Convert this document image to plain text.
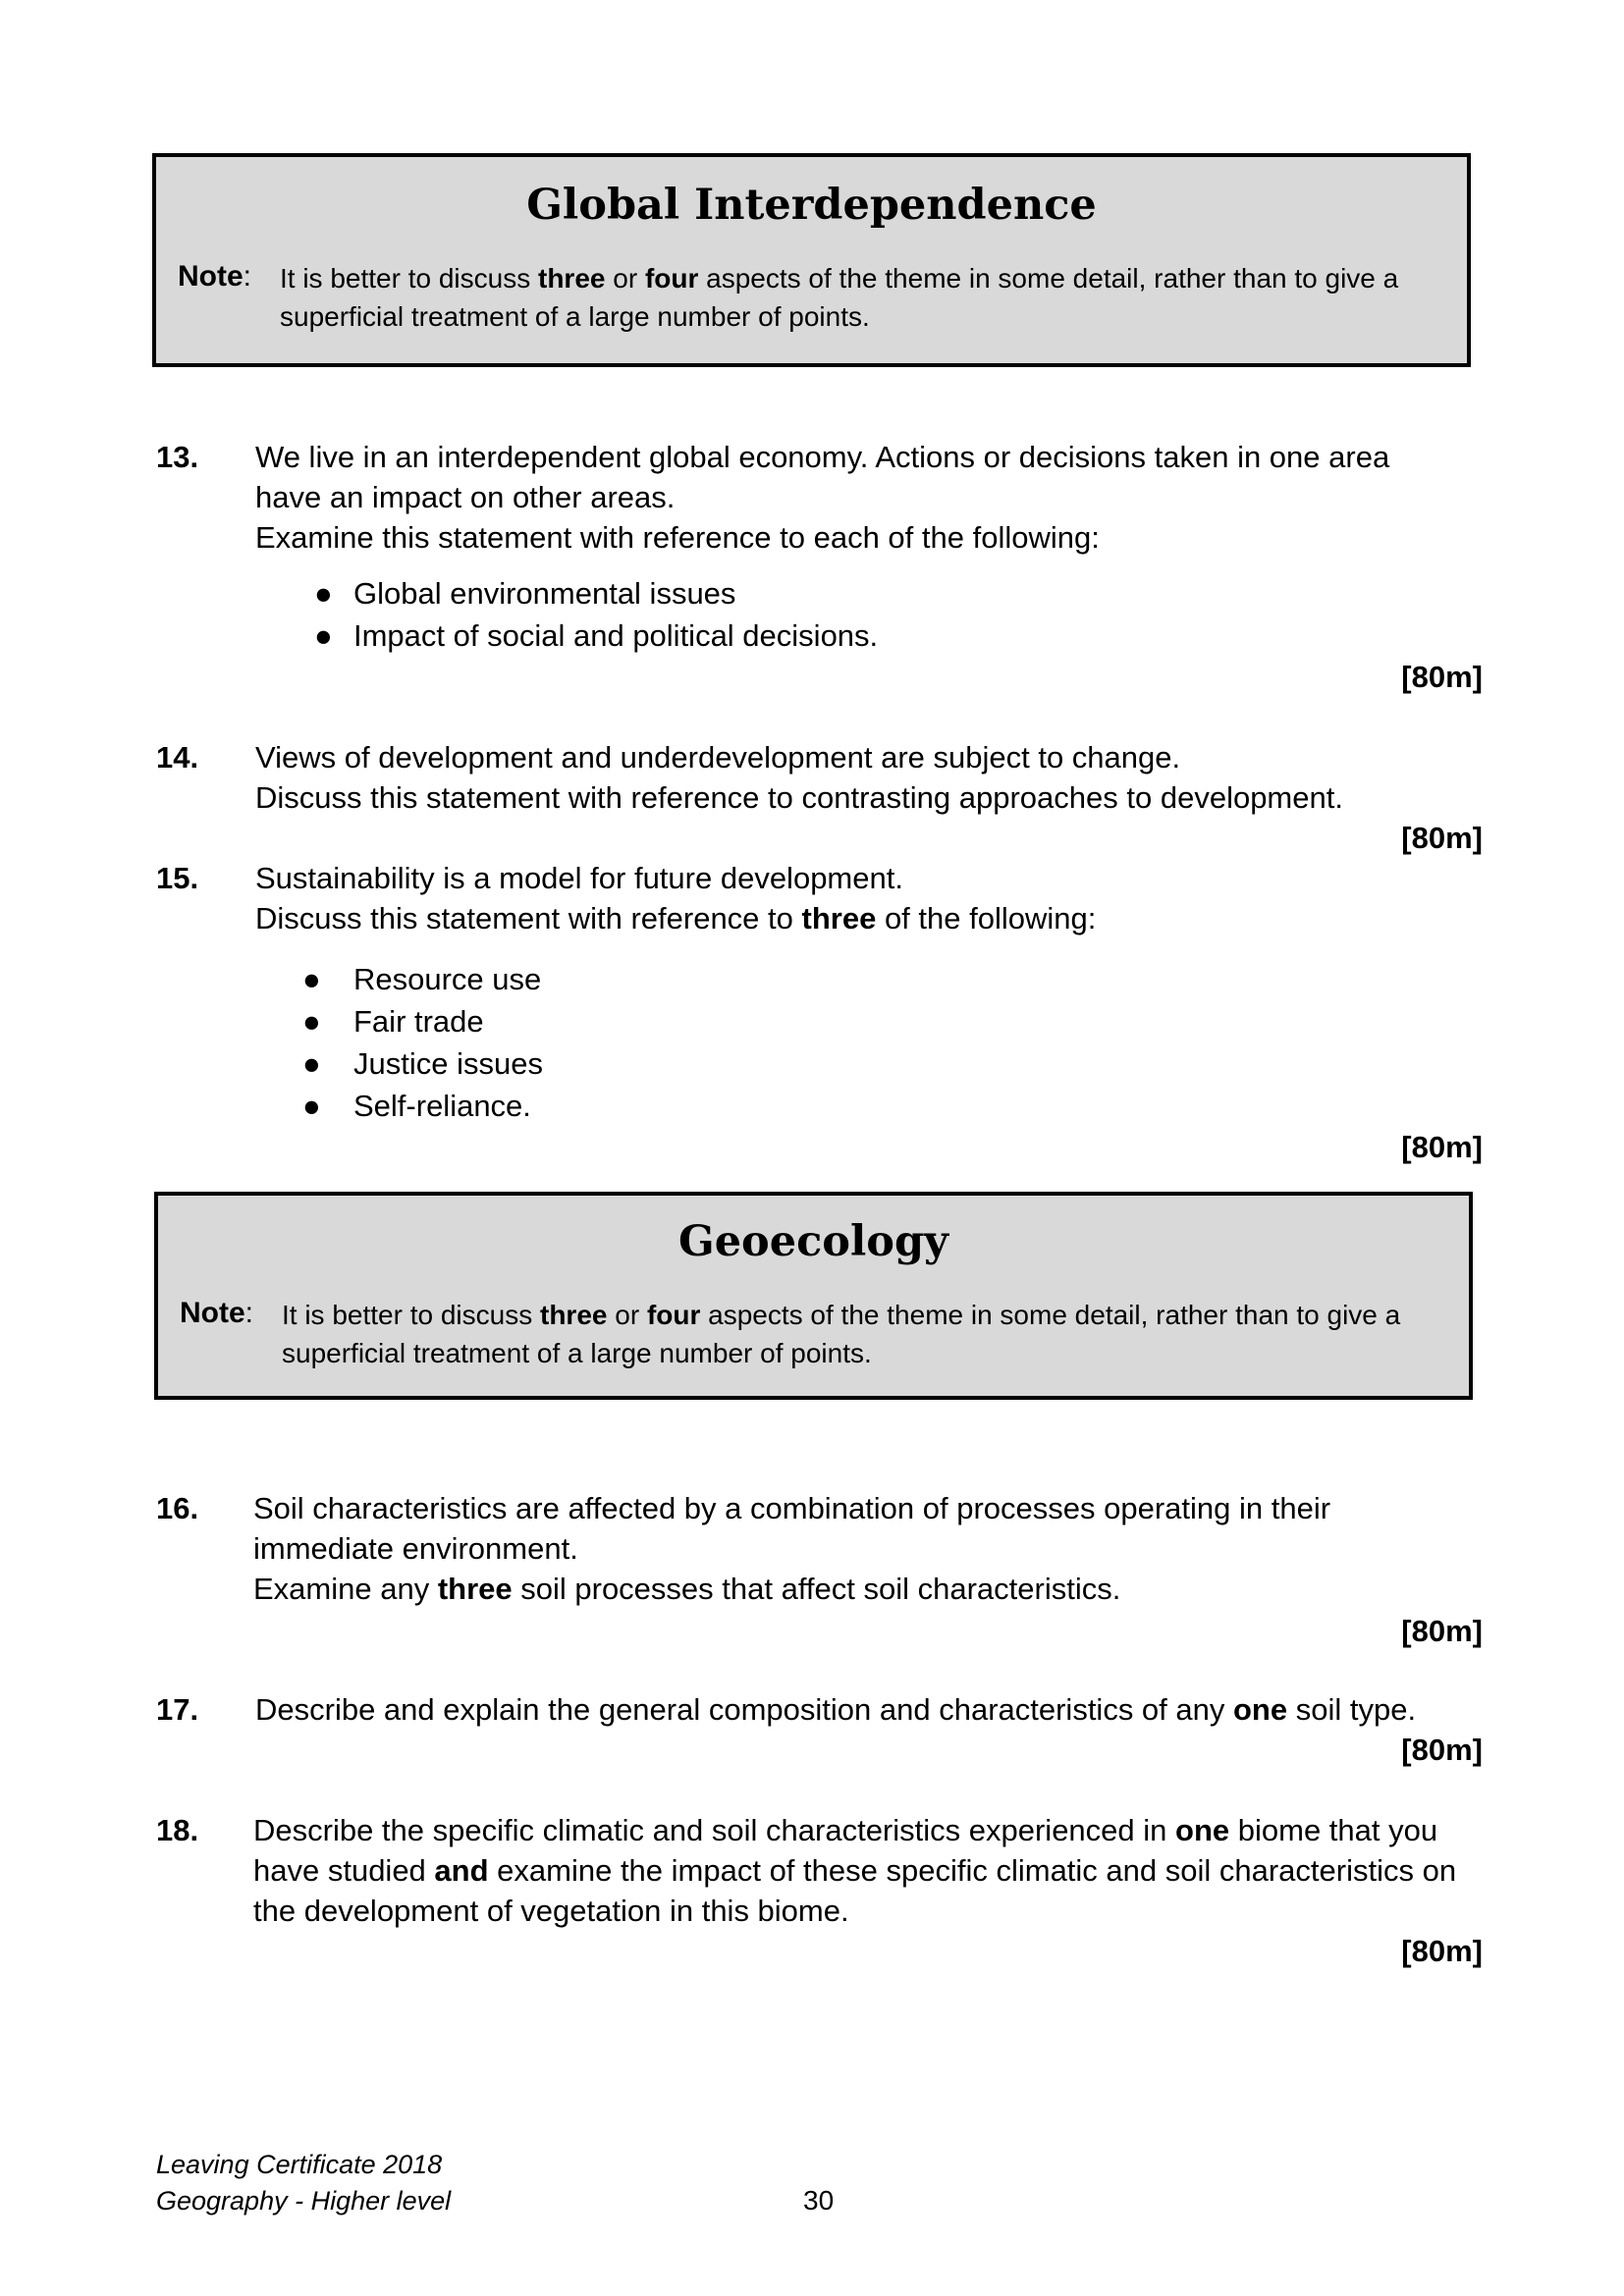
Global Interdependence
Note: It is better to discuss three or four aspects of the theme in some detail, rather than to give a
superficial treatment of a large number of points.
13. We live in an interdependent global economy. Actions or decisions taken in one area
have an impact on other areas.
Examine this statement with reference to each of the following:
● Global environmental issues
● Impact of social and political decisions.
[80m]
14. Views of development and underdevelopment are subject to change.
Discuss this statement with reference to contrasting approaches to development.
[80m]
15. Sustainability is a model for future development.
Discuss this statement with reference to three of the following:
● Resource use
● Fair trade
● Justice issues
● Self-reliance.
[80m]
Geoecology
Note: It is better to discuss three or four aspects of the theme in some detail, rather than to give a
superficial treatment of a large number of points.
16. Soil characteristics are affected by a combination of processes operating in their
immediate environment.
Examine any three soil processes that affect soil characteristics.
[80m]
17. Describe and explain the general composition and characteristics of any one soil type.
[80m]
18. Describe the specific climatic and soil characteristics experienced in one biome that you
have studied and examine the impact of these specific climatic and soil characteristics on
the development of vegetation in this biome.
[80m]
Leaving Certificate 2018
Geography - Higher level	30
